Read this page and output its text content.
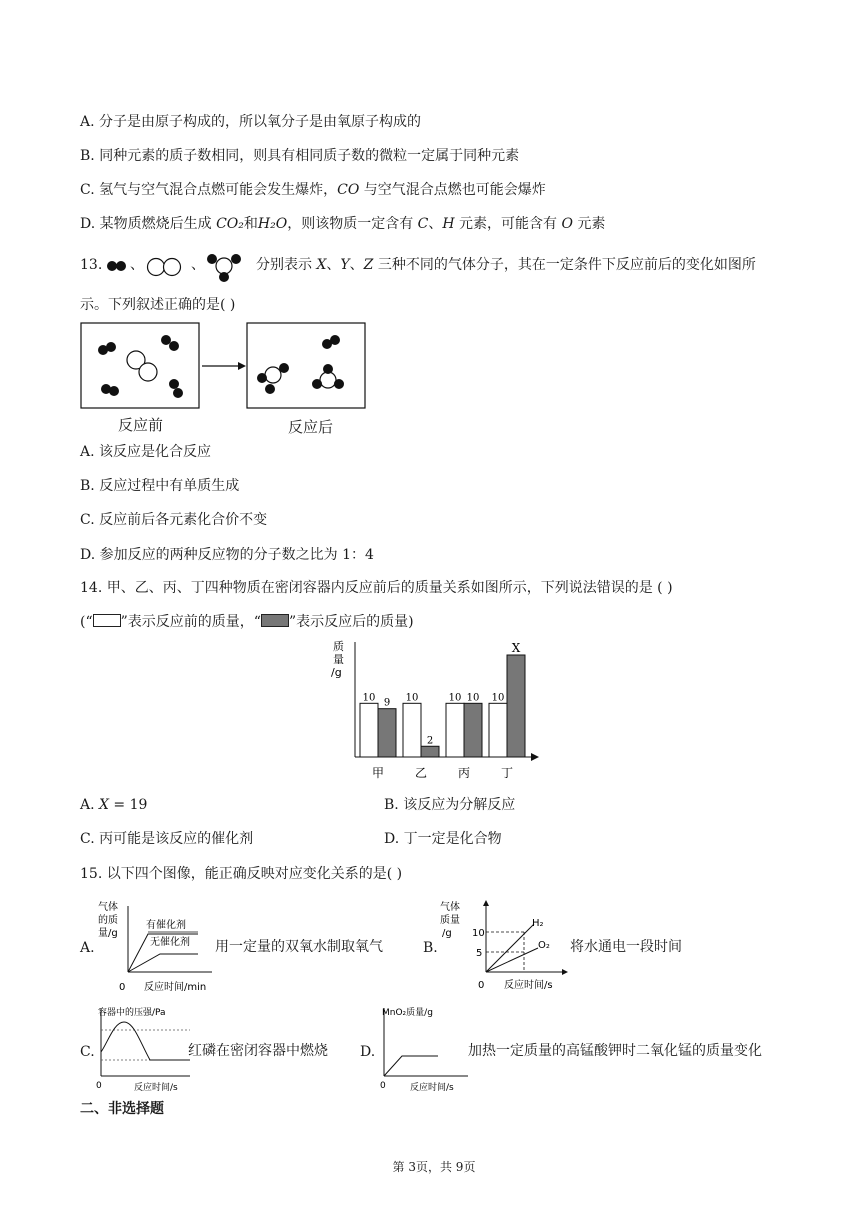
A. 分子是由原子构成的，所以氧分子是由氧原子构成的
B. 同种元素的质子数相同，则具有相同质子数的微粒一定属于同种元素
C. 氢气与空气混合点燃可能会发生爆炸，CO 与空气混合点燃也可能会爆炸
D. 某物质燃烧后生成 CO₂和H₂O，则该物质一定含有 C、H 元素，可能含有 O 元素
13. 、	、	分别表示 X、Y、Z 三种不同的气体分子，其在一定条件下反应前后的变化如图所
示。下列叙述正确的是( )
反应前	反应后
A. 该反应是化合反应
B. 反应过程中有单质生成
C. 反应前后各元素化合价不变
D. 参加反应的两种反应物的分子数之比为 1：4
14. 甲、乙、丙、丁四种物质在密闭容器内反应前后的质量关系如图所示，下列说法错误的是 ( )
(“ ”表示反应前的质量，“ ”表示反应后的质量)
质
量
/g
10 9
甲
10
2
乙
10 10
丙
10
X
丁
A. X = 19	B. 该反应为分解反应
C. 丙可能是该反应的催化剂	D. 丁一定是化合物
15. 以下四个图像，能正确反映对应变化关系的是( )
A.
气体
的质
量/g
有催化剂
无催化剂
0 反应时间/min
用一定量的双氧水制取氧气	B.
气体
质量
/g 10
5
H₂
O₂
0 反应时间/s
将水通电一段时间
C.
容器中的压强/Pa
0	反应时间/s
红磷在密闭容器中燃烧 D.
MnO₂质量/g
0	反应时间/s
加热一定质量的高锰酸钾时二氧化锰的质量变化
二、非选择题
第 3页，共 9页
